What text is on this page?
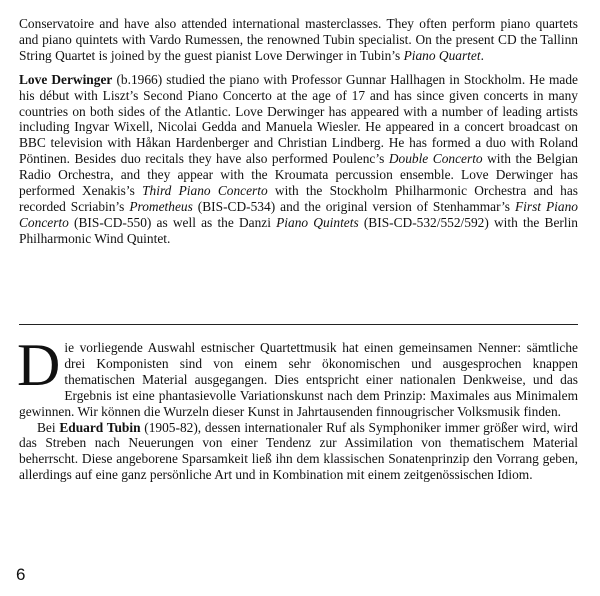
Conservatoire and have also attended international masterclasses. They often perform piano quartets and piano quintets with Vardo Rumessen, the renowned Tubin specialist. On the present CD the Tallinn String Quartet is joined by the guest pianist Love Derwinger in Tubin’s Piano Quartet.

Love Derwinger (b.1966) studied the piano with Professor Gunnar Hallhagen in Stockholm. He made his début with Liszt’s Second Piano Concerto at the age of 17 and has since given concerts in many countries on both sides of the Atlantic. Love Derwinger has appeared with a number of leading artists including Ingvar Wixell, Nicolai Gedda and Manuela Wiesler. He appeared in a concert broadcast on BBC television with Håkan Hardenberger and Christian Lindberg. He has formed a duo with Roland Pöntinen. Besides duo recitals they have also performed Poulenc’s Double Concerto with the Belgian Radio Orchestra, and they appear with the Kroumata percussion ensemble. Love Derwinger has performed Xenakis’s Third Piano Concerto with the Stockholm Philharmonic Orchestra and has recorded Scriabin’s Prometheus (BIS-CD-534) and the original version of Stenhammar’s First Piano Concerto (BIS-CD-550) as well as the Danzi Piano Quintets (BIS-CD-532/552/592) with the Berlin Philharmonic Wind Quintet.

Die vorliegende Auswahl estnischer Quartettmusik hat einen gemeinsamen Nenner: sämtliche drei Komponisten sind von einem sehr ökonomischen und ausgesprochen knappen thematischen Material ausgegangen. Dies entspricht einer nationalen Denkweise, und das Ergebnis ist eine phantasievolle Variationskunst nach dem Prinzip: Maximales aus Minimalem gewinnen. Wir können die Wurzeln dieser Kunst in Jahrtausenden finnougrischer Volksmusik finden.

Bei Eduard Tubin (1905-82), dessen internationaler Ruf als Symphoniker immer größer wird, wird das Streben nach Neuerungen von einer Tendenz zur Assimilation von thematischem Material beherrscht. Diese angeborene Sparsamkeit ließ ihn dem klassischen Sonatenprinzip den Vorrang geben, allerdings auf eine ganz persönliche Art und in Kombination mit einem zeitgenössischen Idiom.

6
